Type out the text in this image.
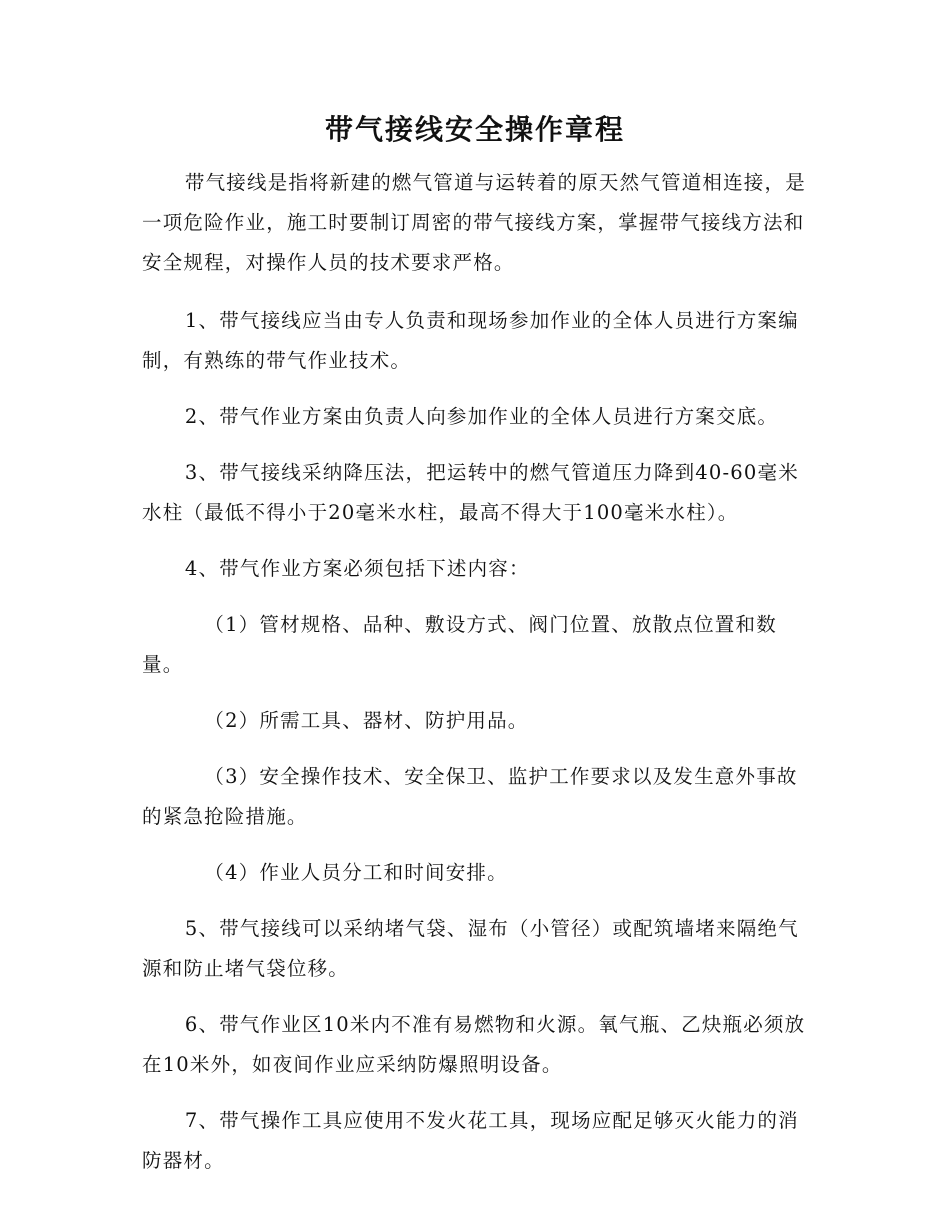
带气接线安全操作章程

带气接线是指将新建的燃气管道与运转着的原天然气管道相连接，是一项危险作业，施工时要制订周密的带气接线方案，掌握带气接线方法和安全规程，对操作人员的技术要求严格。

1、带气接线应当由专人负责和现场参加作业的全体人员进行方案编制，有熟练的带气作业技术。

2、带气作业方案由负责人向参加作业的全体人员进行方案交底。

3、带气接线采纳降压法，把运转中的燃气管道压力降到40-60毫米水柱（最低不得小于20毫米水柱，最高不得大于100毫米水柱）。

4、带气作业方案必须包括下述内容：

（1）管材规格、品种、敷设方式、阀门位置、放散点位置和数量。

（2）所需工具、器材、防护用品。

（3）安全操作技术、安全保卫、监护工作要求以及发生意外事故的紧急抢险措施。

（4）作业人员分工和时间安排。

5、带气接线可以采纳堵气袋、湿布（小管径）或配筑墙堵来隔绝气源和防止堵气袋位移。

6、带气作业区10米内不准有易燃物和火源。氧气瓶、乙炔瓶必须放在10米外，如夜间作业应采纳防爆照明设备。

7、带气操作工具应使用不发火花工具，现场应配足够灭火能力的消防器材。
